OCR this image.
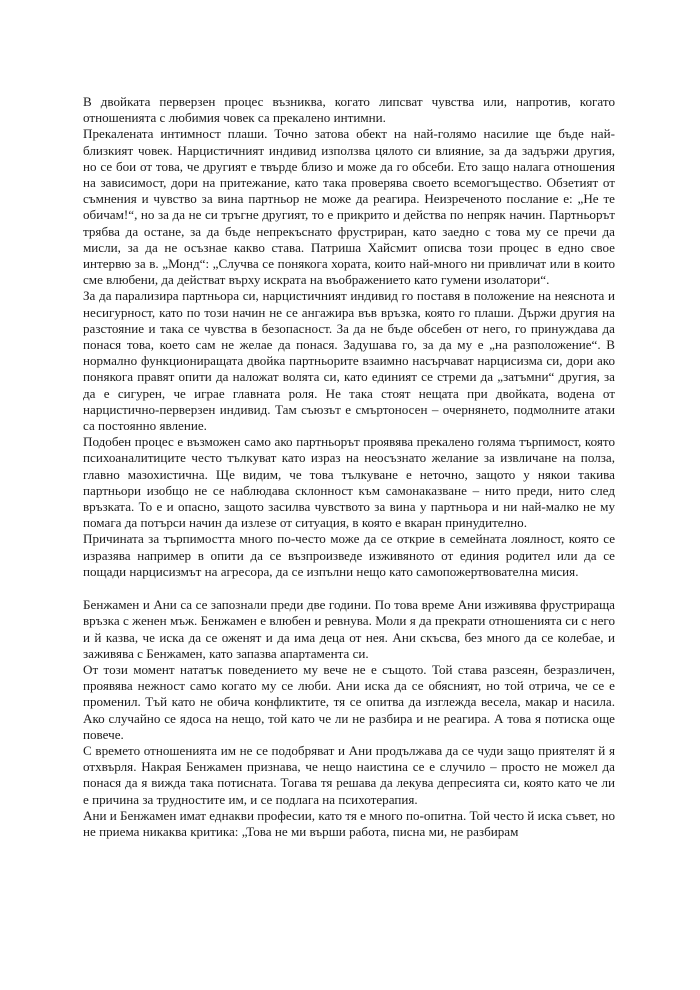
В двойката перверзен процес възниква, когато липсват чувства или, напротив, когато отношенията с любимия човек са прекалено интимни.

Прекалената интимност плаши. Точно затова обект на най-голямо насилие ще бъде най-близкият човек. Нарцистичният индивид използва цялото си влияние, за да задържи другия, но се бои от това, че другият е твърде близо и може да го обсеби. Ето защо налага отношения на зависимост, дори на притежание, като така проверява своето всемогъщество. Обзетият от съмнения и чувство за вина партньор не може да реагира. Неизреченото послание е: „Не те обичам!“, но за да не си тръгне другият, то е прикрито и действа по непряк начин. Партньорът трябва да остане, за да бъде непрекъснато фрустриран, като заедно с това му се пречи да мисли, за да не осъзнае какво става. Патриша Хайсмит описва този процес в едно свое интервю за в. „Монд“: „Случва се понякога хората, които най-много ни привличат или в които сме влюбени, да действат върху искрата на въображението като гумени изолатори“.

За да парализира партньора си, нарцистичният индивид го поставя в положение на неяснота и несигурност, като по този начин не се ангажира във връзка, която го плаши. Държи другия на разстояние и така се чувства в безопасност. За да не бъде обсебен от него, го принуждава да понася това, което сам не желае да понася. Задушава го, за да му е „на разположение“. В нормално функциониращата двойка партньорите взаимно насърчават нарцисизма си, дори ако понякога правят опити да наложат волята си, като единият се стреми да „затъмни“ другия, за да е сигурен, че играе главната роля. Не така стоят нещата при двойката, водена от нарцистично-перверзен индивид. Там съюзът е смъртоносен – очернянето, подмолните атаки са постоянно явление.

Подобен процес е възможен само ако партньорът проявява прекалено голяма търпимост, която психоаналитиците често тълкуват като израз на неосъзнато желание за извличане на полза, главно мазохистична. Ще видим, че това тълкуване е неточно, защото у някои такива партньори изобщо не се наблюдава склонност към самонаказване – нито преди, нито след връзката. То е и опасно, защото засилва чувството за вина у партньора и ни най-малко не му помага да потърси начин да излезе от ситуация, в която е вкаран принудително.

Причината за търпимостта много по-често може да се открие в семейната лоялност, която се изразява например в опити да се възпроизведе изживяното от единия родител или да се пощади нарцисизмът на агресора, да се изпълни нещо като самопожертвователна мисия.

Бенжамен и Ани са се запознали преди две години. По това време Ани изживява фрустрираща връзка с женен мъж. Бенжамен е влюбен и ревнува. Моли я да прекрати отношенията си с него и й казва, че иска да се оженят и да има деца от нея. Ани скъсва, без много да се колебае, и заживява с Бенжамен, като запазва апартамента си.

От този момент нататък поведението му вече не е същото. Той става разсеян, безразличен, проявява нежност само когато му се люби. Ани иска да се обясният, но той отрича, че се е променил. Тъй като не обича конфликтите, тя се опитва да изглежда весела, макар и насила. Ако случайно се ядоса на нещо, той като че ли не разбира и не реагира. А това я потиска още повече.

С времето отношенията им не се подобряват и Ани продължава да се чуди защо приятелят й я отхвърля. Накрая Бенжамен признава, че нещо наистина се е случило – просто не можел да понася да я вижда така потисната. Тогава тя решава да лекува депресията си, която като че ли е причина за трудностите им, и се подлага на психотерапия.

Ани и Бенжамен имат еднакви професии, като тя е много по-опитна. Той често й иска съвет, но не приема никаква критика: „Това не ми върши работа, писна ми, не разбирам
